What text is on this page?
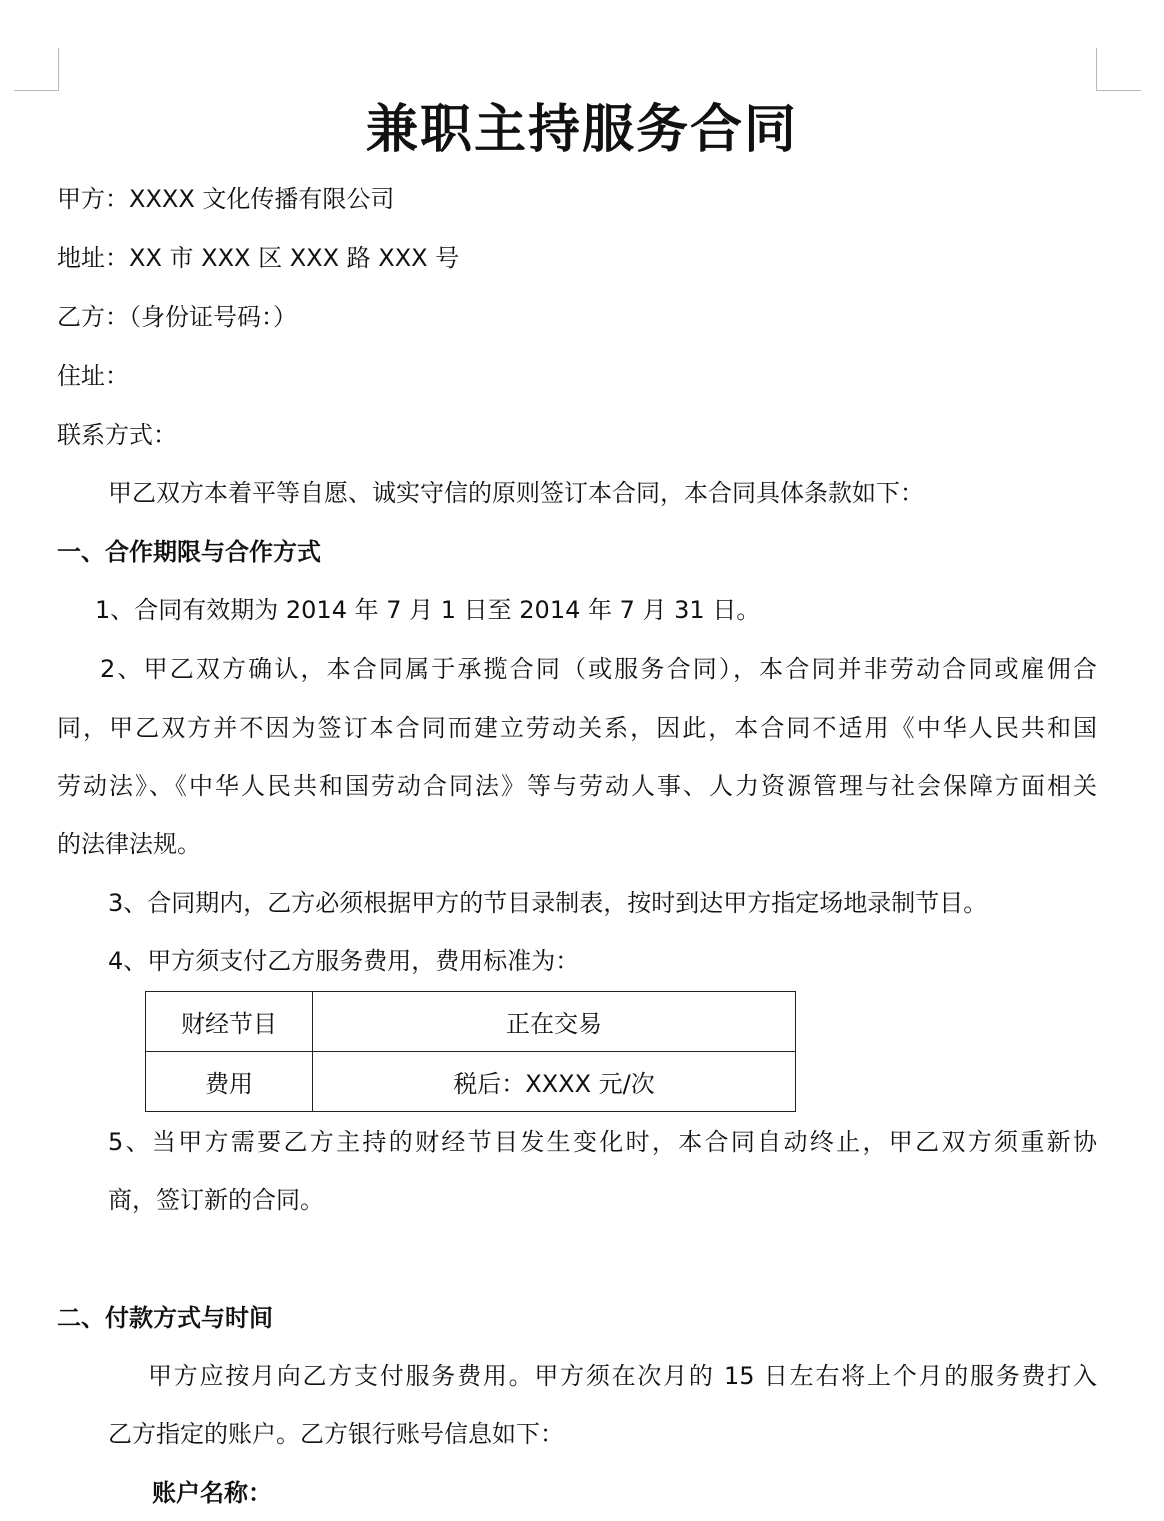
兼职主持服务合同
甲方：XXXX 文化传播有限公司
地址：XX 市 XXX 区 XXX 路 XXX 号
乙方：（身份证号码：）
住址：
联系方式：
甲乙双方本着平等自愿、诚实守信的原则签订本合同，本合同具体条款如下：
一、合作期限与合作方式
1、合同有效期为 2014 年 7 月 1 日至 2014 年 7 月 31 日。
2、甲乙双方确认，本合同属于承揽合同（或服务合同），本合同并非劳动合同或雇佣合
同，甲乙双方并不因为签订本合同而建立劳动关系，因此，本合同不适用《中华人民共和国
劳动法》、《中华人民共和国劳动合同法》等与劳动人事、人力资源管理与社会保障方面相关
的法律法规。
3、合同期内，乙方必须根据甲方的节目录制表，按时到达甲方指定场地录制节目。
4、甲方须支付乙方服务费用，费用标准为：
财经节目	正在交易
费用	税后：XXXX 元/次
5、当甲方需要乙方主持的财经节目发生变化时，本合同自动终止，甲乙双方须重新协
商，签订新的合同。
二、付款方式与时间
甲方应按月向乙方支付服务费用。甲方须在次月的 15 日左右将上个月的服务费打入
乙方指定的账户。乙方银行账号信息如下：
账户名称：
